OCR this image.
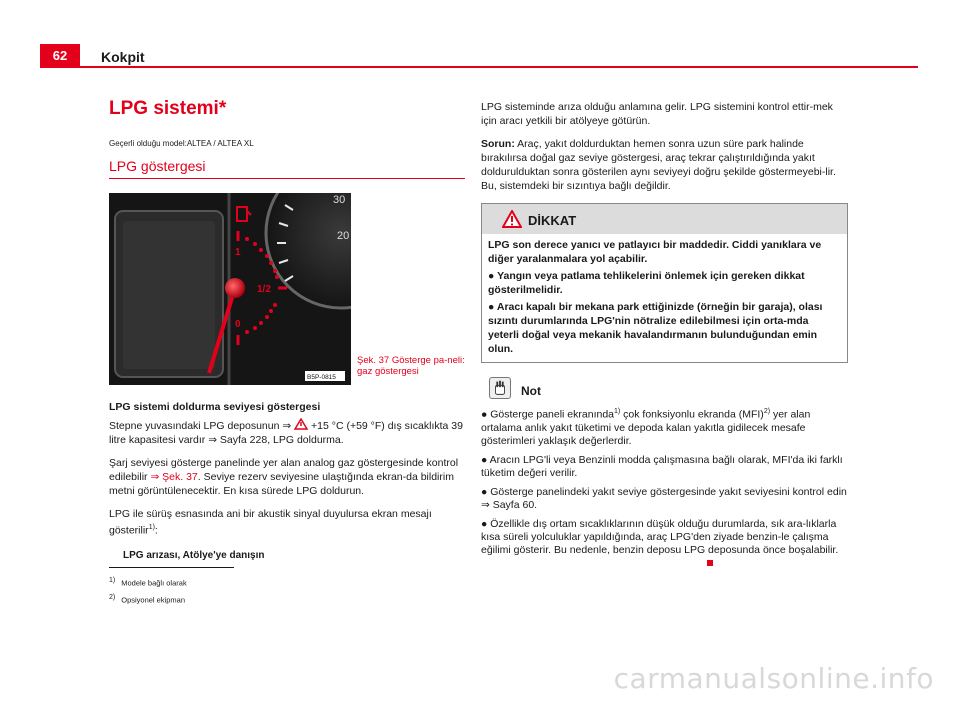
62	Kokpit
LPG sistemi*
Geçerli olduğu model:ALTEA / ALTEA XL
LPG göstergesi
30
20
1
1/2
0
B5P-0815
Şek. 37 Gösterge pa-neli: gaz göstergesi
LPG sistemi doldurma seviyesi göstergesi

Stepne yuvasındaki LPG deposunun ⇒  +15 °C (+59 °F) dış sıcaklıkta 39 litre kapasitesi vardır ⇒ Sayfa 228, LPG doldurma.

Şarj seviyesi gösterge panelinde yer alan analog gaz göstergesinde kontrol edilebilir ⇒ Şek. 37. Seviye rezerv seviyesine ulaştığında ekran-da bildirim metni görüntülenecektir. En kısa sürede LPG doldurun.

LPG ile sürüş esnasında ani bir akustik sinyal duyulursa ekran mesajı gösterilir$^{1)}$:

LPG arızası, Atölye'ye danışın
$^{1)}$ Modele bağlı olarak
$^{2)}$ Opsiyonel ekipman

LPG sisteminde arıza olduğu anlamına gelir. LPG sistemini kontrol ettir-mek için aracı yetkili bir atölyeye götürün.

Sorun: Araç, yakıt doldurduktan hemen sonra uzun süre park halinde bırakılırsa doğal gaz seviye göstergesi, araç tekrar çalıştırıldığında yakıt doldurulduktan sonra gösterilen aynı seviyeyi doğru şekilde göstermeyebi-lir. Bu, sistemdeki bir sızıntıya bağlı değildir.

DİKKAT
LPG son derece yanıcı ve patlayıcı bir maddedir. Ciddi yanıklara ve diğer yaralanmalara yol açabilir.
● Yangın veya patlama tehlikelerini önlemek için gereken dikkat gösterilmelidir.
● Aracı kapalı bir mekana park ettiğinizde (örneğin bir garaja), olası sızıntı durumlarında LPG'nin nötralize edilebilmesi için orta-mda yeterli doğal veya mekanik havalandırmanın bulunduğundan emin olun.
Not
● Gösterge paneli ekranında$^{1)}$ çok fonksiyonlu ekranda (MFI)$^{2)}$ yer alan ortalama anlık yakıt tüketimi ve depoda kalan yakıtla gidilecek mesafe gösterimleri yaklaşık değerlerdir.
● Aracın LPG'li veya Benzinli modda çalışmasına bağlı olarak, MFI'da iki farklı tüketim değeri verilir.
● Gösterge panelindeki yakıt seviye göstergesinde yakıt seviyesini kontrol edin ⇒ Sayfa 60.
● Özellikle dış ortam sıcaklıklarının düşük olduğu durumlarda, sık ara-lıklarla kısa süreli yolculuklar yapıldığında, araç LPG'den ziyade benzin-le çalışma eğilimi gösterir. Bu nedenle, benzin deposu LPG deposunda önce boşalabilir.
carmanualsonline.info
